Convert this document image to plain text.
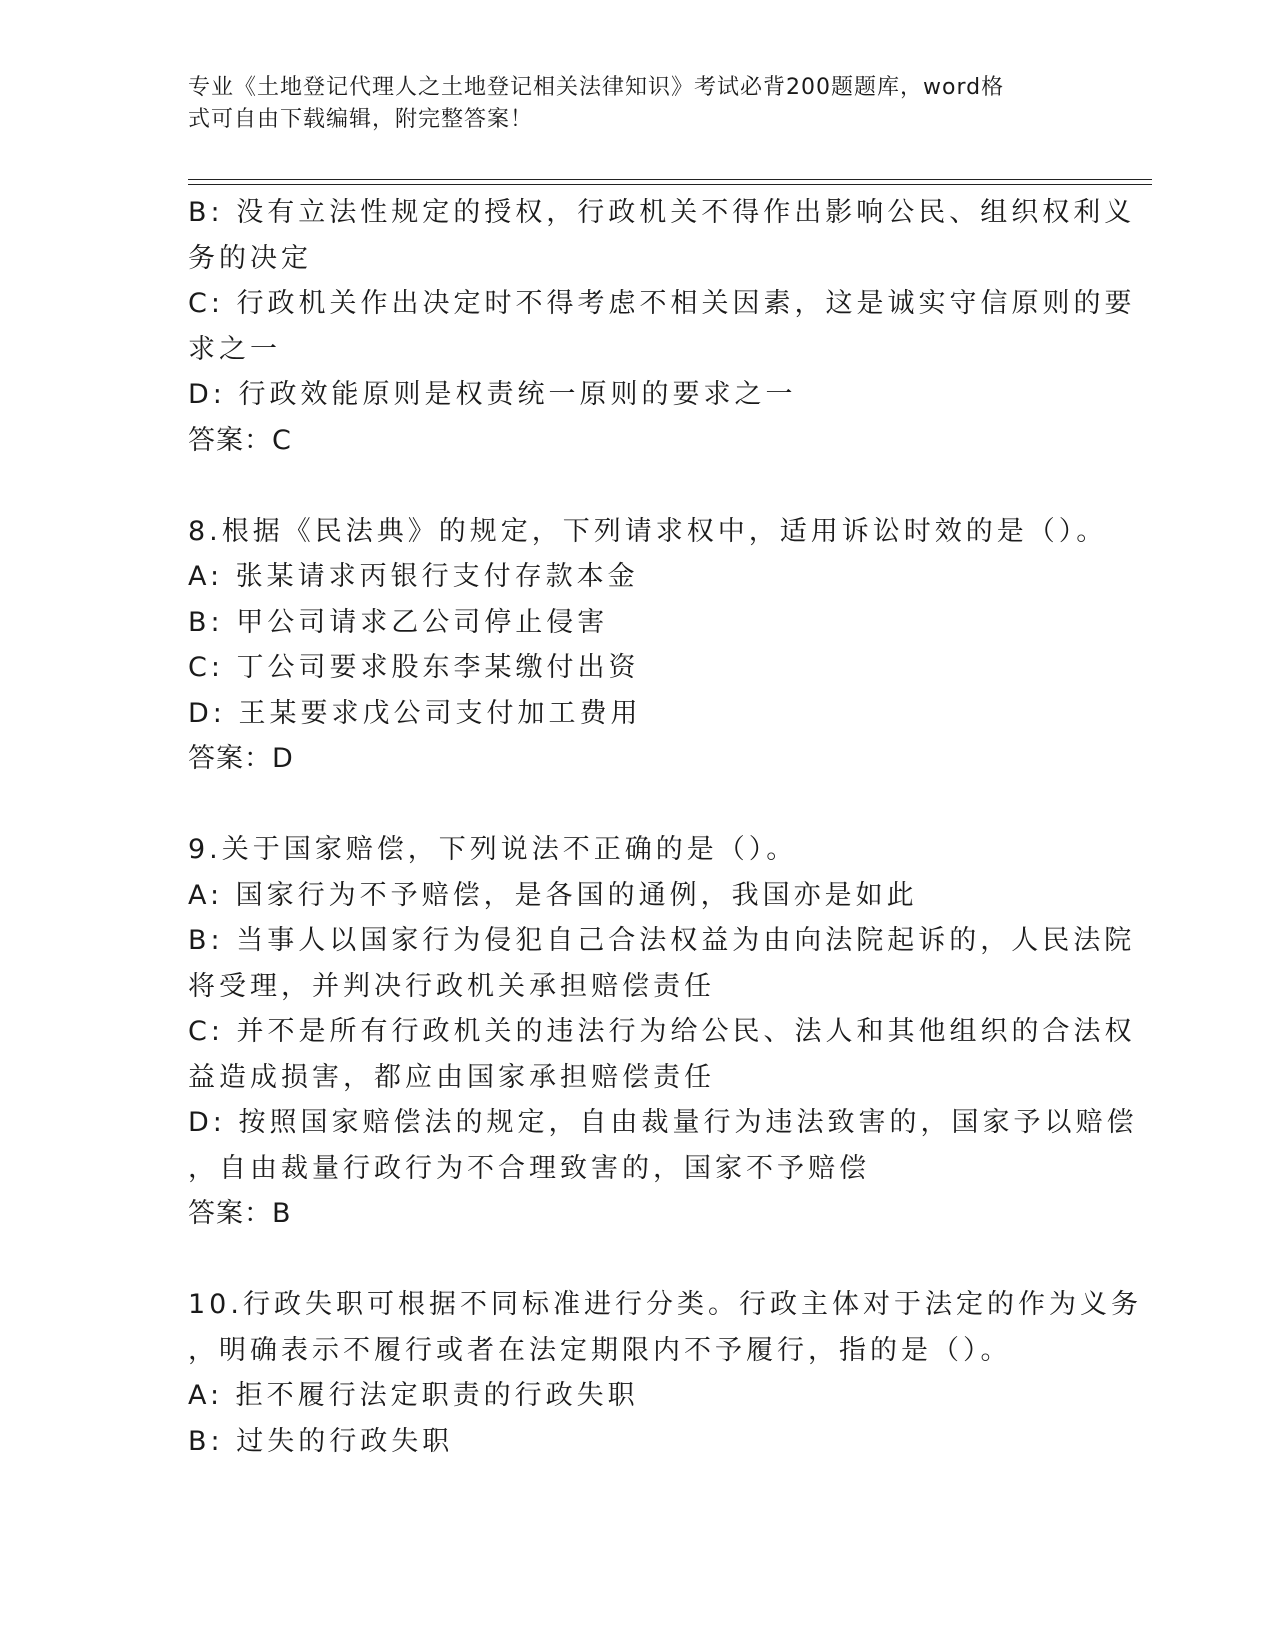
专业《土地登记代理人之土地登记相关法律知识》考试必背200题题库，word格
式可自由下载编辑，附完整答案！
B: 没有立法性规定的授权，行政机关不得作出影响公民、组织权利义
务的决定
C: 行政机关作出决定时不得考虑不相关因素，这是诚实守信原则的要
求之一
D: 行政效能原则是权责统一原则的要求之一
答案：C
8.根据《民法典》的规定，下列请求权中，适用诉讼时效的是（）。
A: 张某请求丙银行支付存款本金
B: 甲公司请求乙公司停止侵害
C: 丁公司要求股东李某缴付出资
D: 王某要求戊公司支付加工费用
答案：D
9.关于国家赔偿，下列说法不正确的是（）。
A: 国家行为不予赔偿，是各国的通例，我国亦是如此
B: 当事人以国家行为侵犯自己合法权益为由向法院起诉的，人民法院
将受理，并判决行政机关承担赔偿责任
C: 并不是所有行政机关的违法行为给公民、法人和其他组织的合法权
益造成损害，都应由国家承担赔偿责任
D: 按照国家赔偿法的规定，自由裁量行为违法致害的，国家予以赔偿
，自由裁量行政行为不合理致害的，国家不予赔偿
答案：B
10.行政失职可根据不同标准进行分类。行政主体对于法定的作为义务
，明确表示不履行或者在法定期限内不予履行，指的是（）。
A: 拒不履行法定职责的行政失职
B: 过失的行政失职
